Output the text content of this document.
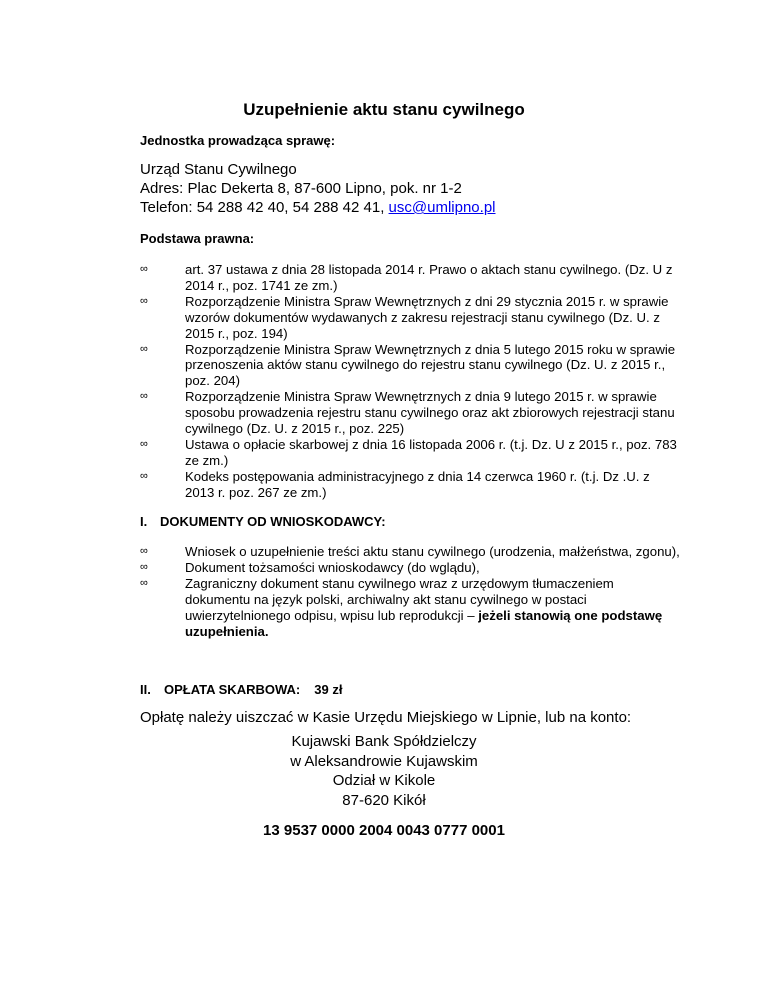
Uzupełnienie aktu stanu cywilnego
Jednostka prowadząca sprawę:
Urząd Stanu Cywilnego
Adres: Plac Dekerta 8, 87-600 Lipno, pok. nr 1-2
Telefon: 54 288 42 40, 54 288 42 41, usc@umlipno.pl
Podstawa prawna:
∞	art. 37 ustawa z dnia 28 listopada 2014 r. Prawo o aktach stanu cywilnego. (Dz. U z 2014 r., poz. 1741 ze zm.)
∞	Rozporządzenie Ministra Spraw Wewnętrznych z dni 29 stycznia 2015 r. w sprawie wzorów dokumentów wydawanych z zakresu rejestracji stanu cywilnego (Dz. U. z 2015 r., poz. 194)
∞	Rozporządzenie Ministra Spraw Wewnętrznych z dnia 5 lutego 2015 roku w sprawie przenoszenia aktów stanu cywilnego do rejestru stanu cywilnego (Dz. U. z 2015 r., poz. 204)
∞	Rozporządzenie Ministra Spraw Wewnętrznych z dnia 9 lutego 2015 r. w sprawie sposobu prowadzenia rejestru stanu cywilnego oraz akt zbiorowych rejestracji stanu cywilnego (Dz. U. z 2015 r., poz. 225)
∞	Ustawa o opłacie skarbowej z dnia 16 listopada 2006 r. (t.j. Dz. U z 2015 r., poz. 783 ze zm.)
∞	Kodeks postępowania administracyjnego z dnia 14 czerwca 1960 r. (t.j. Dz .U. z 2013 r. poz. 267 ze zm.)
I. DOKUMENTY OD WNIOSKODAWCY:
∞	Wniosek o uzupełnienie treści aktu stanu cywilnego (urodzenia, małżeństwa, zgonu),
∞	Dokument tożsamości wnioskodawcy (do wglądu),
∞	Zagraniczny dokument stanu cywilnego wraz z urzędowym tłumaczeniem dokumentu na język polski, archiwalny akt stanu cywilnego w postaci uwierzytelnionego odpisu, wpisu lub reprodukcji – jeżeli stanowią one podstawę uzupełnienia.
II. OPŁATA SKARBOWA: 39 zł
Opłatę należy uiszczać w Kasie Urzędu Miejskiego w Lipnie, lub na konto:
Kujawski Bank Spółdzielczy
w Aleksandrowie Kujawskim
Odział w Kikole
87-620 Kikół
13 9537 0000 2004 0043 0777 0001
